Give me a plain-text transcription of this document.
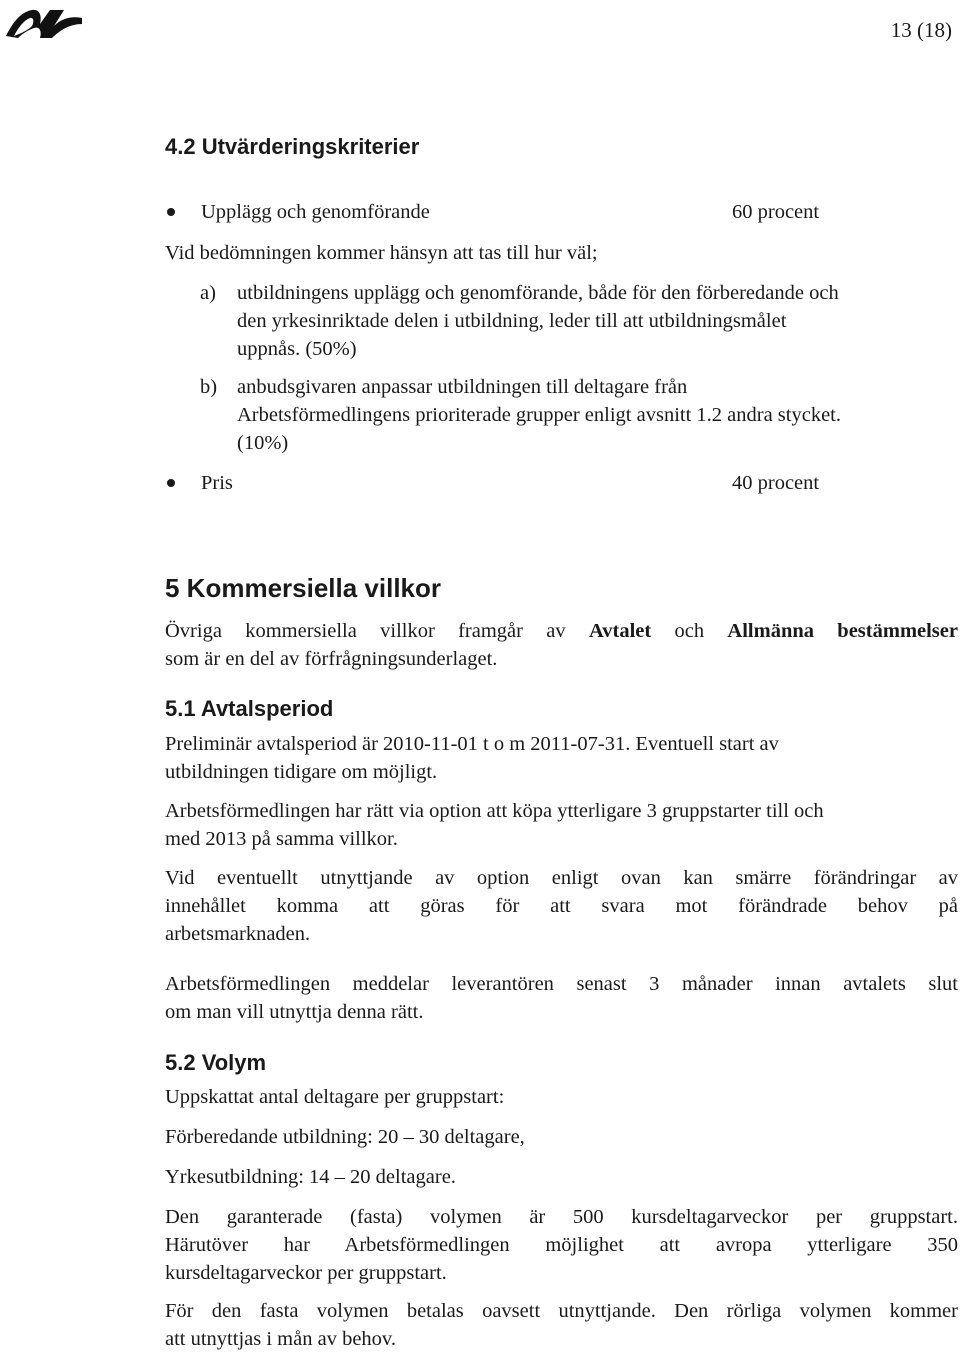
13 (18)
4.2 Utvärderingskriterier
Upplägg och genomförande	60 procent
Vid bedömningen kommer hänsyn att tas till hur väl;
a) utbildningens upplägg och genomförande, både för den förberedande och
den yrkesinriktade delen i utbildning, leder till att utbildningsmålet
uppnås. (50%)
b) anbudsgivaren anpassar utbildningen till deltagare från
Arbetsförmedlingens prioriterade grupper enligt avsnitt 1.2 andra stycket.
(10%)
Pris	40 procent
5 Kommersiella villkor
Övriga kommersiella villkor framgår av Avtalet och Allmänna bestämmelser
som är en del av förfrågningsunderlaget.
5.1 Avtalsperiod
Preliminär avtalsperiod är 2010-11-01 t o m 2011-07-31. Eventuell start av
utbildningen tidigare om möjligt.
Arbetsförmedlingen har rätt via option att köpa ytterligare 3 gruppstarter till och
med 2013 på samma villkor.
Vid eventuellt utnyttjande av option enligt ovan kan smärre förändringar av
innehållet komma att göras för att svara mot förändrade behov på
arbetsmarknaden.
Arbetsförmedlingen meddelar leverantören senast 3 månader innan avtalets slut
om man vill utnyttja denna rätt.
5.2 Volym
Uppskattat antal deltagare per gruppstart:
Förberedande utbildning: 20 – 30 deltagare,
Yrkesutbildning: 14 – 20 deltagare.
Den garanterade (fasta) volymen är 500 kursdeltagarveckor per gruppstart.
Härutöver har Arbetsförmedlingen möjlighet att avropa ytterligare 350
kursdeltagarveckor per gruppstart.
För den fasta volymen betalas oavsett utnyttjande. Den rörliga volymen kommer
att utnyttjas i mån av behov.
